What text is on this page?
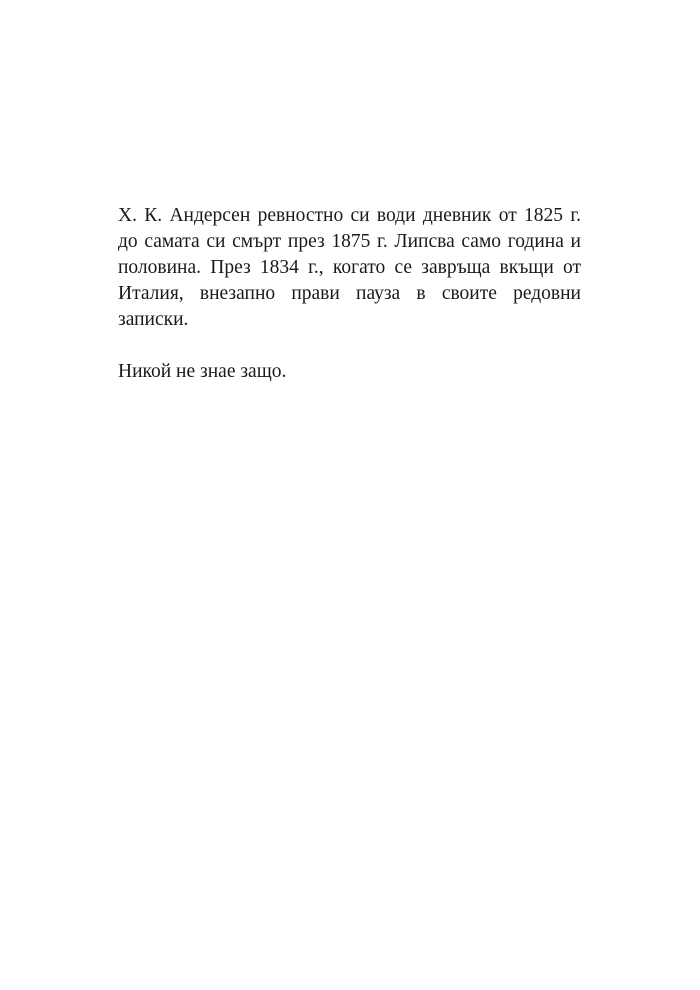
Х. К. Андерсен ревностно си води дневник от 1825 г. до самата си смърт през 1875 г. Липсва само година и половина. През 1834 г., когато се завръща вкъщи от Италия, внезапно прави пауза в своите редовни записки.

Никой не знае защо.
